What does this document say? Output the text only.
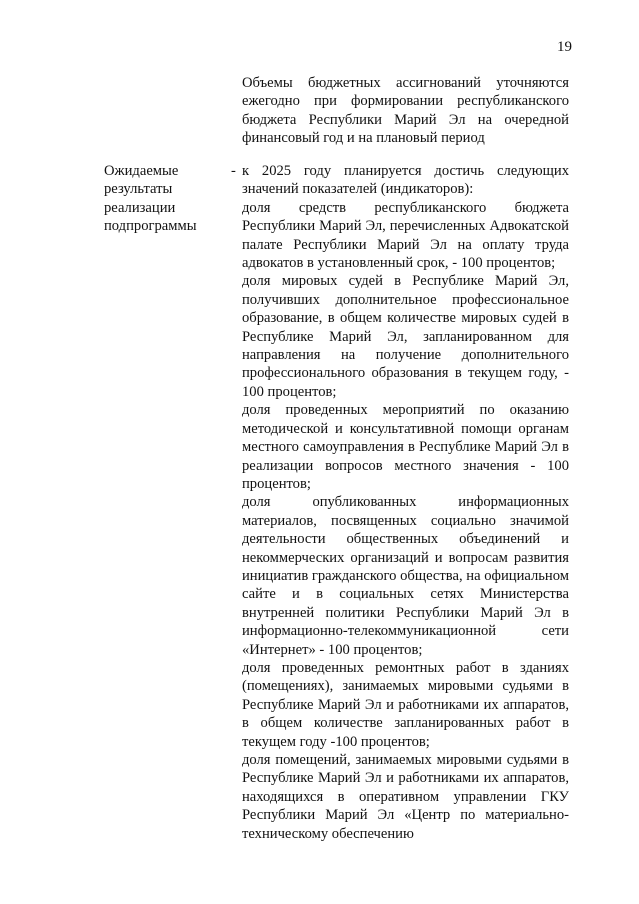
19

Объемы бюджетных ассигнований уточняются ежегодно при формировании республиканского бюджета Республики Марий Эл на очередной финансовый год и на плановый период

Ожидаемые
результаты
реализации
подпрограммы
- к 2025 году планируется достичь следующих значений показателей (индикаторов):

доля средств республиканского бюджета Республики Марий Эл, перечисленных Адвокатской палате Республики Марий Эл на оплату труда адвокатов в установленный срок, - 100 процентов;

доля мировых судей в Республике Марий Эл, получивших дополнительное профессиональное образование, в общем количестве мировых судей в Республике Марий Эл, запланированном для направления на получение дополнительного профессионального образования в текущем году, - 100 процентов;

доля проведенных мероприятий по оказанию методической и консультативной помощи органам местного самоуправления в Республике Марий Эл в реализации вопросов местного значения - 100 процентов;

доля опубликованных информационных материалов, посвященных социально значимой деятельности общественных объединений и некоммерческих организаций и вопросам развития инициатив гражданского общества, на официальном сайте и в социальных сетях Министерства внутренней политики Республики Марий Эл в информационно-телекоммуникационной сети «Интернет» - 100 процентов;

доля проведенных ремонтных работ в зданиях (помещениях), занимаемых мировыми судьями в Республике Марий Эл и работниками их аппаратов, в общем количестве запланированных работ в текущем году -100 процентов;

доля помещений, занимаемых мировыми судьями в Республике Марий Эл и работниками их аппаратов, находящихся в оперативном управлении ГКУ Республики Марий Эл «Центр по материально-техническому обеспечению
